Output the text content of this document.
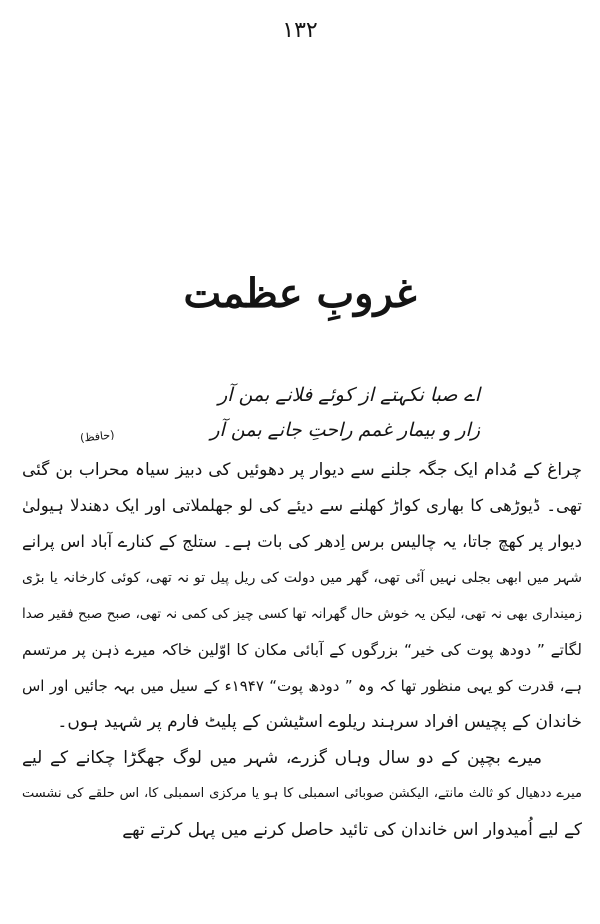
۱۳۲
غروبِ عظمت
اے صبا نکہتے از کوئے فلانے بمن آر
زار و بیمار غمم راحتِ جانے بمن آر
(حافظ)
چراغ کے مُدام ایک جگہ جلنے سے دیوار پر دھوئیں کی دبیز سیاہ محراب بن گئی
تھی۔ ڈیوڑھی کا بھاری کواڑ کھلنے سے دیئے کی لو جھلملاتی اور ایک دھندلا ہیولیٰ
دیوار پر کھچ جاتا، یہ چالیس برس اِدھر کی بات ہے۔ ستلج کے کنارے آباد اس پرانے
شہر میں ابھی بجلی نہیں آئی تھی، گھر میں دولت کی ریل پیل تو نہ تھی، کوئی کارخانہ یا بڑی
زمینداری بھی نہ تھی، لیکن یہ خوش حال گھرانہ تھا کسی چیز کی کمی نہ تھی، صبح صبح فقیر صدا
لگاتے ” دودھ پوت کی خیر“ بزرگوں کے آبائی مکان کا اوّلین خاکہ میرے ذہن پر مرتسم
ہے، قدرت کو یہی منظور تھا کہ وہ ” دودھ پوت“ ۱۹۴۷ء کے سیل میں بہہ جائیں اور اس
خاندان کے پچیس افراد سرہند ریلوے اسٹیشن کے پلیٹ فارم پر شہید ہوں۔
میرے بچپن کے دو سال وہاں گزرے، شہر میں لوگ جھگڑا چکانے کے لیے
میرے ددھیال کو ثالث مانتے، الیکشن صوبائی اسمبلی کا ہو یا مرکزی اسمبلی کا، اس حلقے کی نشست
کے لیے اُمیدوار اس خاندان کی تائید حاصل کرنے میں پہل کرتے تھے
